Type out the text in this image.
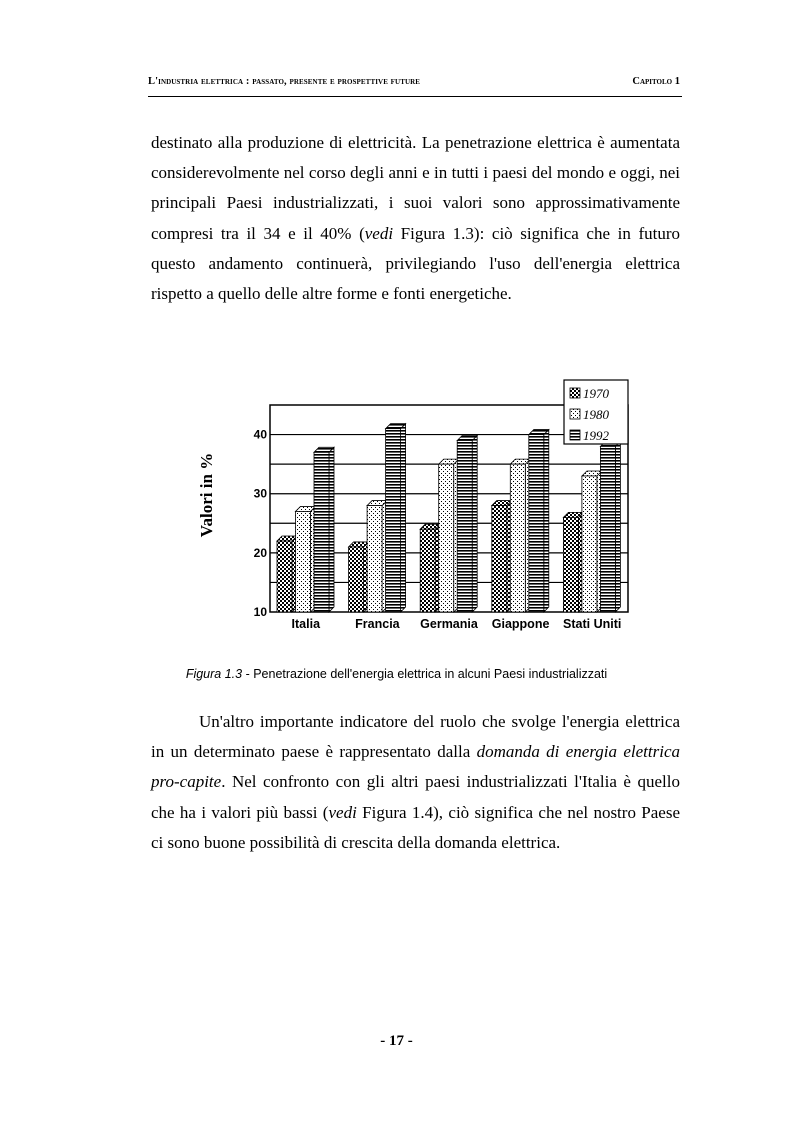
L'industria elettrica : passato, presente e prospettive future	Capitolo 1
destinato alla produzione di elettricità. La penetrazione elettrica è aumentata considerevolmente nel corso degli anni e in tutti i paesi del mondo e oggi, nei principali Paesi industrializzati, i suoi valori sono approssimativamente compresi tra il 34 e il 40% (vedi Figura 1.3): ciò significa che in futuro questo andamento continuerà, privilegiando l'uso dell'energia elettrica rispetto a quello delle altre forme e fonti energetiche.
10
20
30
40
Italia	Francia Germania Giappone Stati Uniti
Valori in %
1970
1980
1992
Figura 1.3 - Penetrazione dell'energia elettrica in alcuni Paesi industrializzati
Un'altro importante indicatore del ruolo che svolge l'energia elettrica in un determinato paese è rappresentato dalla domanda di energia elettrica pro-capite. Nel confronto con gli altri paesi industrializzati l'Italia è quello che ha i valori più bassi (vedi Figura 1.4), ciò significa che nel nostro Paese ci sono buone possibilità di crescita della domanda elettrica.
- 17 -
